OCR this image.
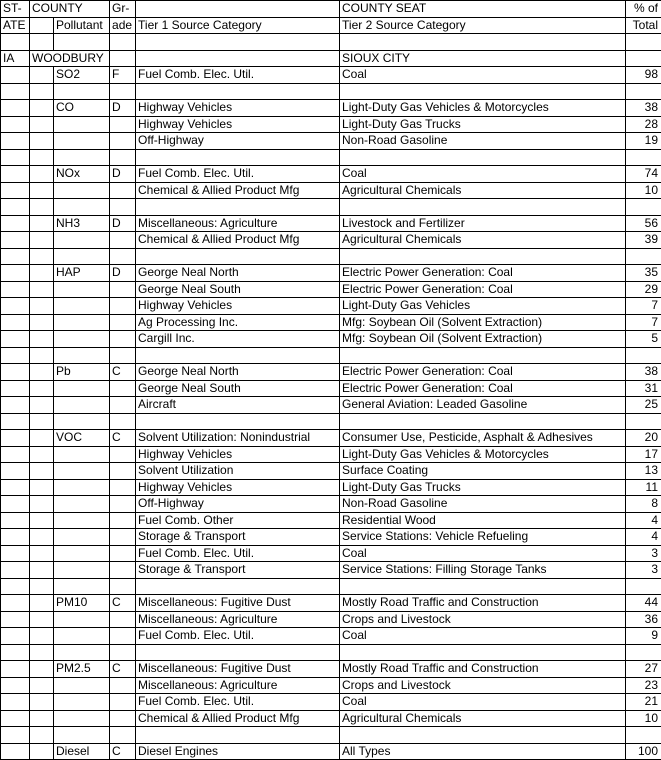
ST-	COUNTY		Gr-		COUNTY SEAT	% of
ATE		Pollutant	ade	Tier 1 Source Category	Tier 2 Source Category	Total

IA	WOODBURY				SIOUX CITY	
		SO2	F	Fuel Comb. Elec. Util.	Coal	98

		CO	D	Highway Vehicles	Light-Duty Gas Vehicles & Motorcycles	38
				Highway Vehicles	Light-Duty Gas Trucks	28
				Off-Highway	Non-Road Gasoline	19

		NOx	D	Fuel Comb. Elec. Util.	Coal	74
				Chemical & Allied Product Mfg	Agricultural Chemicals	10

		NH3	D	Miscellaneous: Agriculture	Livestock and Fertilizer	56
				Chemical & Allied Product Mfg	Agricultural Chemicals	39

		HAP	D	George Neal North	Electric Power Generation: Coal	35
				George Neal South	Electric Power Generation: Coal	29
				Highway Vehicles	Light-Duty Gas Vehicles	7
				Ag Processing Inc.	Mfg: Soybean Oil (Solvent Extraction)	7
				Cargill Inc.	Mfg: Soybean Oil (Solvent Extraction)	5

		Pb	C	George Neal North	Electric Power Generation: Coal	38
				George Neal South	Electric Power Generation: Coal	31
				Aircraft	General Aviation: Leaded Gasoline	25

		VOC	C	Solvent Utilization: Nonindustrial	Consumer Use, Pesticide, Asphalt & Adhesives	20
				Highway Vehicles	Light-Duty Gas Vehicles & Motorcycles	17
				Solvent Utilization	Surface Coating	13
				Highway Vehicles	Light-Duty Gas Trucks	11
				Off-Highway	Non-Road Gasoline	8
				Fuel Comb. Other	Residential Wood	4
				Storage & Transport	Service Stations: Vehicle Refueling	4
				Fuel Comb. Elec. Util.	Coal	3
				Storage & Transport	Service Stations: Filling Storage Tanks	3

		PM10	C	Miscellaneous: Fugitive Dust	Mostly Road Traffic and Construction	44
				Miscellaneous: Agriculture	Crops and Livestock	36
				Fuel Comb. Elec. Util.	Coal	9

		PM2.5	C	Miscellaneous: Fugitive Dust	Mostly Road Traffic and Construction	27
				Miscellaneous: Agriculture	Crops and Livestock	23
				Fuel Comb. Elec. Util.	Coal	21
				Chemical & Allied Product Mfg	Agricultural Chemicals	10

		Diesel	C	Diesel Engines	All Types	100
